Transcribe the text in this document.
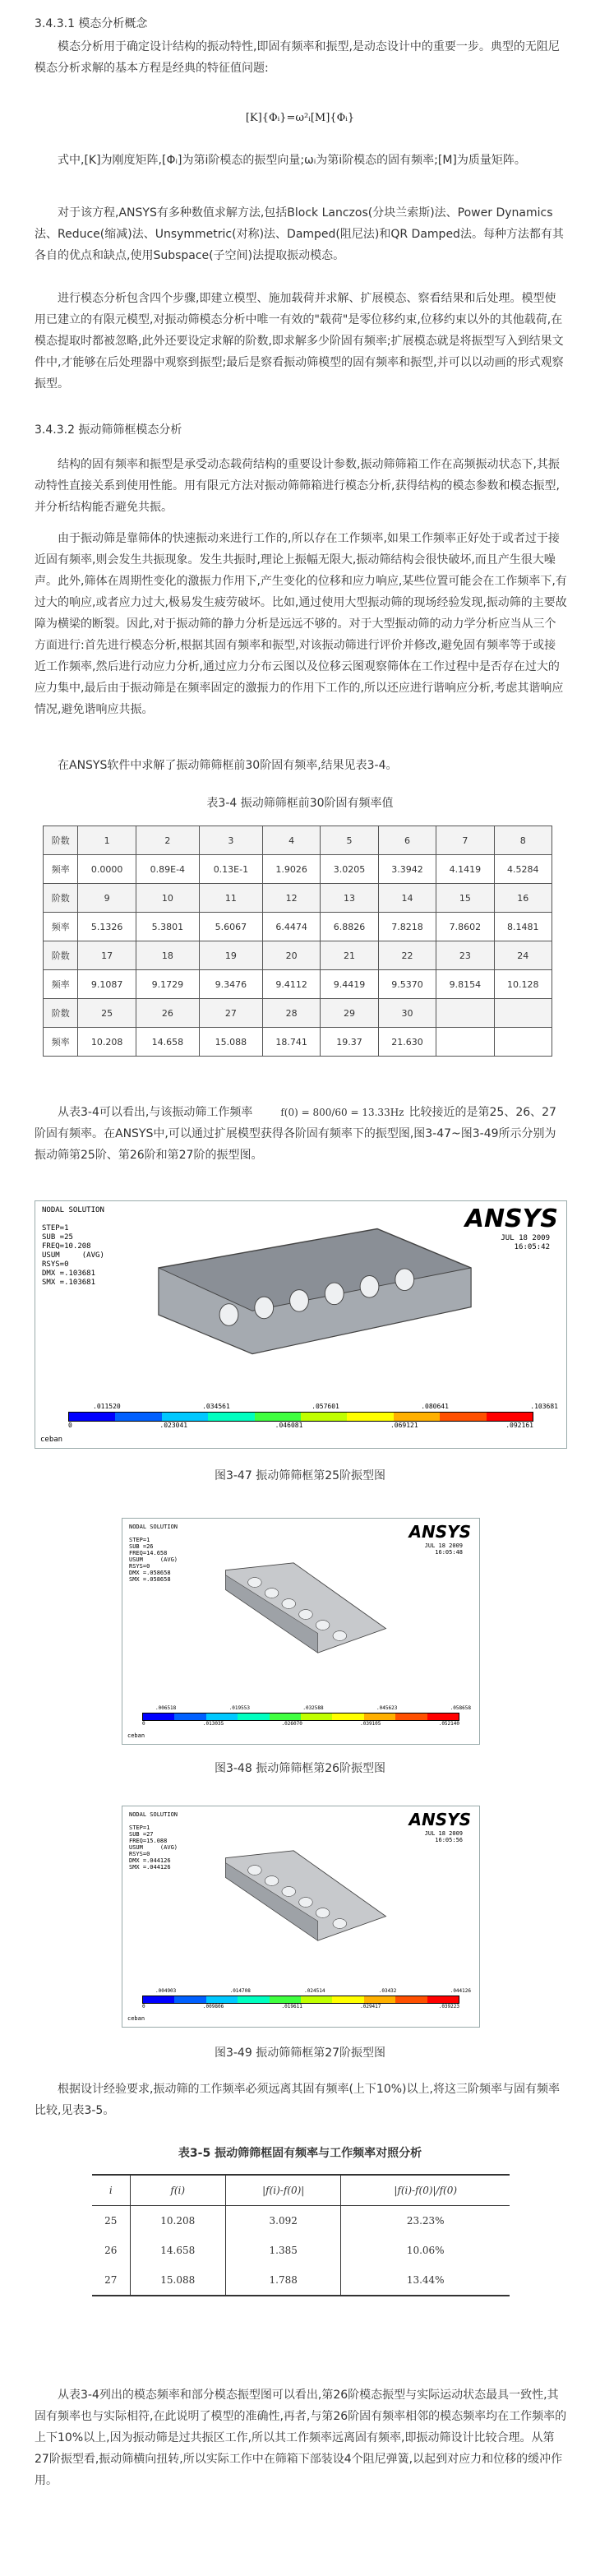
3.4.3.1 模态分析概念

模态分析用于确定设计结构的振动特性,即固有频率和振型,是动态设计中的重要一步。典型的无阻尼模态分析求解的基本方程是经典的特征值问题:

[K]{Φᵢ}=ω²ᵢ[M]{Φᵢ}

式中,[K]为刚度矩阵,[Φᵢ]为第i阶模态的振型向量;ωᵢ为第i阶模态的固有频率;[M]为质量矩阵。

对于该方程,ANSYS有多种数值求解方法,包括Block Lanczos(分块兰索斯)法、Power Dynamics法、Reduce(缩减)法、Unsymmetric(对称)法、Damped(阻尼法)和QR Damped法。每种方法都有其各自的优点和缺点,使用Subspace(子空间)法提取振动模态。

进行模态分析包含四个步骤,即建立模型、施加载荷并求解、扩展模态、察看结果和后处理。模型使用已建立的有限元模型,对振动筛模态分析中唯一有效的"载荷"是零位移约束,位移约束以外的其他载荷,在模态提取时都被忽略,此外还要设定求解的阶数,即求解多少阶固有频率;扩展模态就是将振型写入到结果文件中,才能够在后处理器中观察到振型;最后是察看振动筛模型的固有频率和振型,并可以以动画的形式观察振型。

3.4.3.2 振动筛筛框模态分析

结构的固有频率和振型是承受动态载荷结构的重要设计参数,振动筛筛箱工作在高频振动状态下,其振动特性直接关系到使用性能。用有限元方法对振动筛筛箱进行模态分析,获得结构的模态参数和模态振型,并分析结构能否避免共振。

由于振动筛是靠筛体的快速振动来进行工作的,所以存在工作频率,如果工作频率正好处于或者过于接近固有频率,则会发生共振现象。发生共振时,理论上振幅无限大,振动筛结构会很快破坏,而且产生很大噪声。此外,筛体在周期性变化的激振力作用下,产生变化的位移和应力响应,某些位置可能会在工作频率下,有过大的响应,或者应力过大,极易发生疲劳破坏。比如,通过使用大型振动筛的现场经验发现,振动筛的主要故障为横梁的断裂。因此,对于振动筛的静力分析是远远不够的。对于大型振动筛的动力学分析应当从三个方面进行:首先进行模态分析,根据其固有频率和振型,对该振动筛进行评价并修改,避免固有频率等于或接近工作频率,然后进行动应力分析,通过应力分布云图以及位移云图观察筛体在工作过程中是否存在过大的应力集中,最后由于振动筛是在频率固定的激振力的作用下工作的,所以还应进行谐响应分析,考虑其谐响应情况,避免谐响应共振。

在ANSYS软件中求解了振动筛筛框前30阶固有频率,结果见表3-4。

表3-4 振动筛筛框前30阶固有频率值
阶数	1	2	3	4	5	6	7	8
频率	0.0000	0.89E-4	0.13E-1	1.9026	3.0205	3.3942	4.1419	4.5284
阶数	9	10	11	12	13	14	15	16
频率	5.1326	5.3801	5.6067	6.4474	6.8826	7.8218	7.8602	8.1481
阶数	17	18	19	20	21	22	23	24
频率	9.1087	9.1729	9.3476	9.4112	9.4419	9.5370	9.8154	10.128
阶数	25	26	27	28	29	30		
频率	10.208	14.658	15.088	18.741	19.37	21.630		

从表3-4可以看出,与该振动筛工作频率	f(0) = 800/60 = 13.33Hz 比较接近的是第25、26、27阶固有频率。在ANSYS中,可以通过扩展模型获得各阶固有频率下的振型图,图3-47~图3-49所示分别为振动筛第25阶、第26阶和第27阶的振型图。

NODAL SOLUTION

STEP=1
SUB =25
FREQ=10.208
USUM     (AVG)
RSYS=0
DMX =.103681
SMX =.103681
ANSYS
JUL 18 2009
16:05:42
0	.023041	.046081	.069121	.092161
.011520	.034561	.057601	.080641	.103681
ceban
图3-47 振动筛筛框第25阶振型图
NODAL SOLUTION

STEP=1
SUB =26
FREQ=14.658
USUM     (AVG)
RSYS=0
DMX =.058658
SMX =.058658
ANSYS
JUL 18 2009
16:05:48
0	.013035	.026070	.039105	.052140
.006518	.019553	.032588	.045623	.058658
ceban
图3-48 振动筛筛框第26阶振型图
NODAL SOLUTION

STEP=1
SUB =27
FREQ=15.088
USUM     (AVG)
RSYS=0
DMX =.044126
SMX =.044126
ANSYS
JUL 18 2009
16:05:56
0	.009806	.019611	.029417	.039223
.004903	.014708	.024514	.03432	.044126
ceban
图3-49 振动筛筛框第27阶振型图

根据设计经验要求,振动筛的工作频率必须远离其固有频率(上下10%)以上,将这三阶频率与固有频率比较,见表3-5。

表3-5 振动筛筛框固有频率与工作频率对照分析
i	f(i)	|f(i)-f(0)|	|f(i)-f(0)|/f(0)
25	10.208	3.092	23.23%
26	14.658	1.385	10.06%
27	15.088	1.788	13.44%

从表3-4列出的模态频率和部分模态振型图可以看出,第26阶模态振型与实际运动状态最具一致性,其固有频率也与实际相符,在此说明了模型的准确性,再者,与第26阶固有频率相邻的模态频率均在工作频率的上下10%以上,因为振动筛是过共振区工作,所以其工作频率远离固有频率,即振动筛设计比较合理。从第27阶振型看,振动筛横向扭转,所以实际工作中在筛箱下部装设4个阻尼弹簧,以起到对应力和位移的缓冲作用。
